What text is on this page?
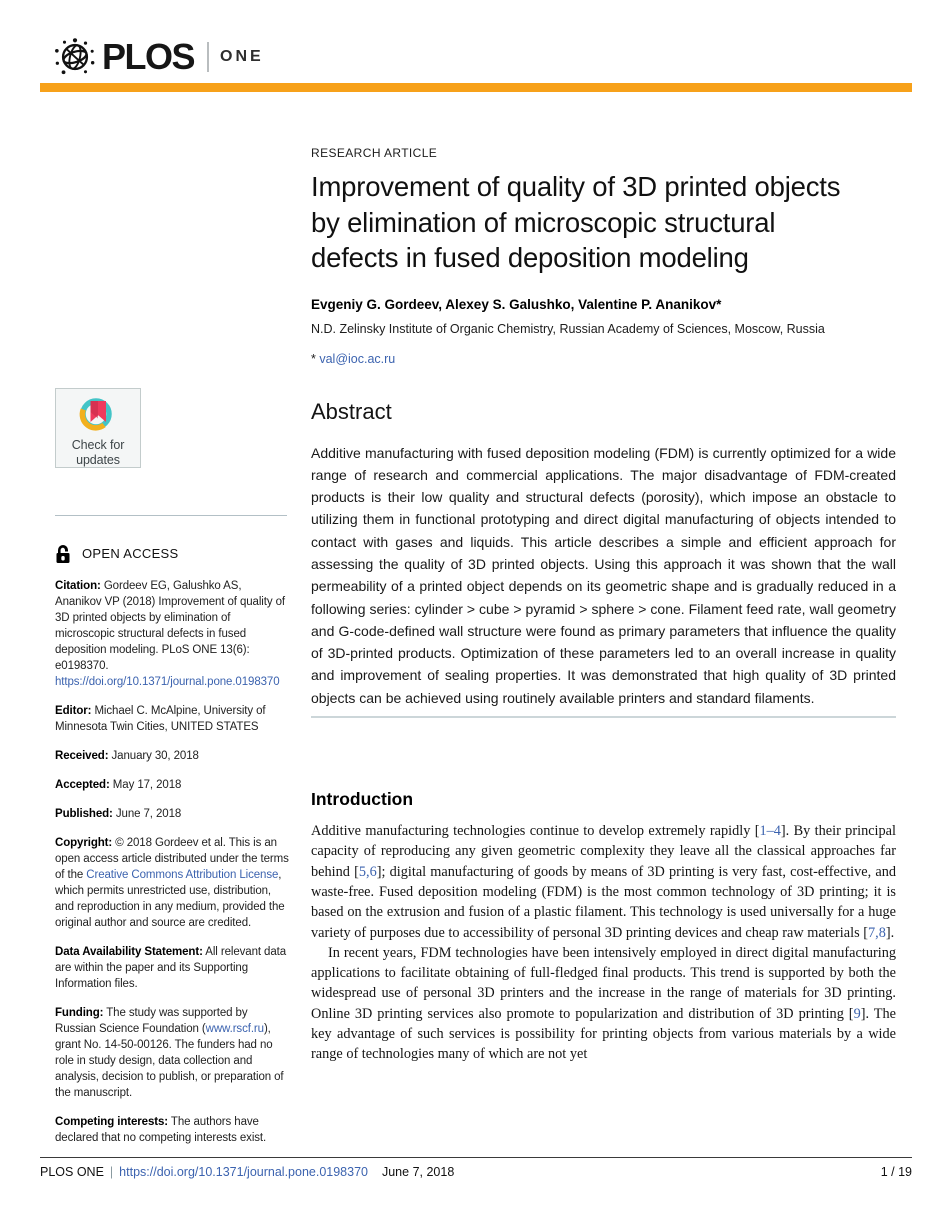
PLOS ONE
Check for
updates
OPEN ACCESS
Citation: Gordeev EG, Galushko AS, Ananikov VP (2018) Improvement of quality of 3D printed objects by elimination of microscopic structural defects in fused deposition modeling. PLoS ONE 13(6): e0198370. https://doi.org/10.1371/journal.pone.0198370
Editor: Michael C. McAlpine, University of Minnesota Twin Cities, UNITED STATES
Received: January 30, 2018
Accepted: May 17, 2018
Published: June 7, 2018
Copyright: © 2018 Gordeev et al. This is an open access article distributed under the terms of the Creative Commons Attribution License, which permits unrestricted use, distribution, and reproduction in any medium, provided the original author and source are credited.
Data Availability Statement: All relevant data are within the paper and its Supporting Information files.
Funding: The study was supported by Russian Science Foundation (www.rscf.ru), grant No. 14-50-00126. The funders had no role in study design, data collection and analysis, decision to publish, or preparation of the manuscript.
Competing interests: The authors have declared that no competing interests exist.
RESEARCH ARTICLE
Improvement of quality of 3D printed objects
by elimination of microscopic structural
defects in fused deposition modeling
Evgeniy G. Gordeev, Alexey S. Galushko, Valentine P. Ananikov*
N.D. Zelinsky Institute of Organic Chemistry, Russian Academy of Sciences, Moscow, Russia
* val@ioc.ac.ru
Abstract

Additive manufacturing with fused deposition modeling (FDM) is currently optimized for a wide range of research and commercial applications. The major disadvantage of FDM-created products is their low quality and structural defects (porosity), which impose an obstacle to utilizing them in functional prototyping and direct digital manufacturing of objects intended to contact with gases and liquids. This article describes a simple and efficient approach for assessing the quality of 3D printed objects. Using this approach it was shown that the wall permeability of a printed object depends on its geometric shape and is gradually reduced in a following series: cylinder > cube > pyramid > sphere > cone. Filament feed rate, wall geometry and G-code-defined wall structure were found as primary parameters that influence the quality of 3D-printed products. Optimization of these parameters led to an overall increase in quality and improvement of sealing properties. It was demonstrated that high quality of 3D printed objects can be achieved using routinely available printers and standard filaments.

Introduction

Additive manufacturing technologies continue to develop extremely rapidly [1–4]. By their principal capacity of reproducing any given geometric complexity they leave all the classical approaches far behind [5,6]; digital manufacturing of goods by means of 3D printing is very fast, cost-effective, and waste-free. Fused deposition modeling (FDM) is the most common technology of 3D printing; it is based on the extrusion and fusion of a plastic filament. This technology is used universally for a huge variety of purposes due to accessibility of personal 3D printing devices and cheap raw materials [7,8].

In recent years, FDM technologies have been intensively employed in direct digital manufacturing applications to facilitate obtaining of full-fledged final products. This trend is supported by both the widespread use of personal 3D printers and the increase in the range of materials for 3D printing. Online 3D printing services also promote to popularization and distribution of 3D printing [9]. The key advantage of such services is possibility for printing objects from various materials by a wide range of technologies many of which are not yet

PLOS ONE | https://doi.org/10.1371/journal.pone.0198370 June 7, 2018	1 / 19
